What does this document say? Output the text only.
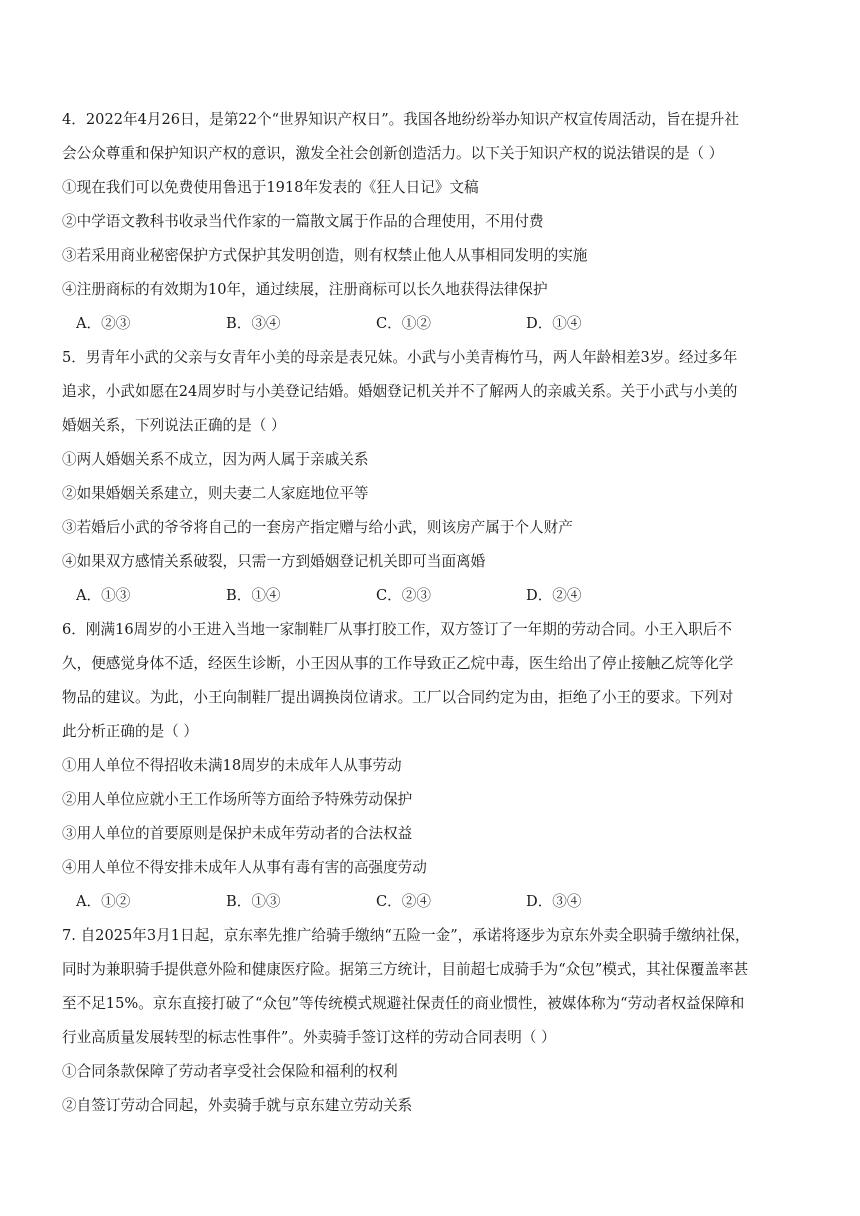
4．2022年4月26日，是第22个“世界知识产权日”。我国各地纷纷举办知识产权宣传周活动，旨在提升社
会公众尊重和保护知识产权的意识，激发全社会创新创造活力。以下关于知识产权的说法错误的是（ ）
①现在我们可以免费使用鲁迅于1918年发表的《狂人日记》文稿
②中学语文教科书收录当代作家的一篇散文属于作品的合理使用，不用付费
③若采用商业秘密保护方式保护其发明创造，则有权禁止他人从事相同发明的实施
④注册商标的有效期为10年，通过续展，注册商标可以长久地获得法律保护
A．②③	B．③④	C．①②	D．①④
5．男青年小武的父亲与女青年小美的母亲是表兄妹。小武与小美青梅竹马，两人年龄相差3岁。经过多年
追求，小武如愿在24周岁时与小美登记结婚。婚姻登记机关并不了解两人的亲戚关系。关于小武与小美的
婚姻关系，下列说法正确的是（ ）
①两人婚姻关系不成立，因为两人属于亲戚关系
②如果婚姻关系建立，则夫妻二人家庭地位平等
③若婚后小武的爷爷将自己的一套房产指定赠与给小武，则该房产属于个人财产
④如果双方感情关系破裂，只需一方到婚姻登记机关即可当面离婚
A．①③	B．①④	C．②③	D．②④
6．刚满16周岁的小王进入当地一家制鞋厂从事打胶工作，双方签订了一年期的劳动合同。小王入职后不
久，便感觉身体不适，经医生诊断，小王因从事的工作导致正乙烷中毒，医生给出了停止接触乙烷等化学
物品的建议。为此，小王向制鞋厂提出调换岗位请求。工厂以合同约定为由，拒绝了小王的要求。下列对
此分析正确的是（ ）
①用人单位不得招收未满18周岁的未成年人从事劳动
②用人单位应就小王工作场所等方面给予特殊劳动保护
③用人单位的首要原则是保护未成年劳动者的合法权益
④用人单位不得安排未成年人从事有毒有害的高强度劳动
A．①②	B．①③	C．②④	D．③④
7. 自2025年3月1日起，京东率先推广给骑手缴纳“五险一金”，承诺将逐步为京东外卖全职骑手缴纳社保，
同时为兼职骑手提供意外险和健康医疗险。据第三方统计，目前超七成骑手为“众包”模式，其社保覆盖率甚
至不足15%。京东直接打破了“众包”等传统模式规避社保责任的商业惯性，被媒体称为“劳动者权益保障和
行业高质量发展转型的标志性事件”。外卖骑手签订这样的劳动合同表明（ ）
①合同条款保障了劳动者享受社会保险和福利的权利
②自签订劳动合同起，外卖骑手就与京东建立劳动关系
